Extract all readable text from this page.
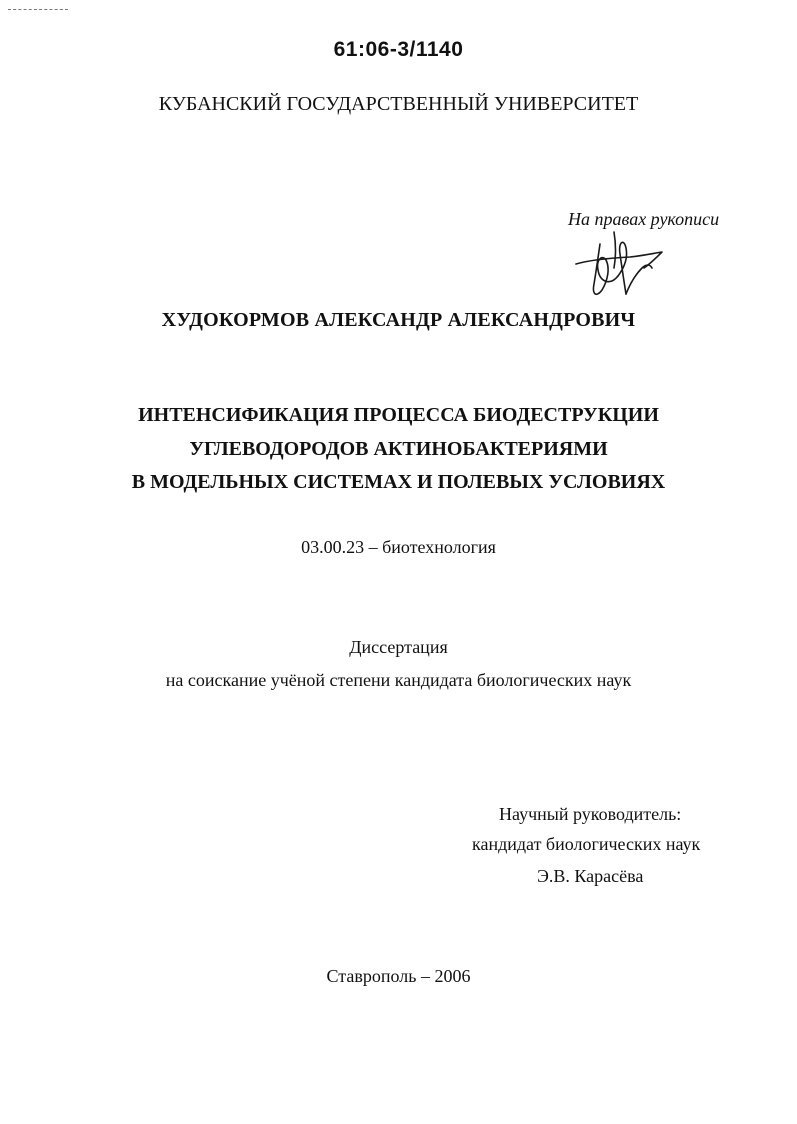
61:06-3/1140
КУБАНСКИЙ ГОСУДАРСТВЕННЫЙ УНИВЕРСИТЕТ
На правах рукописи
ХУДОКОРМОВ АЛЕКСАНДР АЛЕКСАНДРОВИЧ
ИНТЕНСИФИКАЦИЯ ПРОЦЕССА БИОДЕСТРУКЦИИ
УГЛЕВОДОРОДОВ АКТИНОБАКТЕРИЯМИ
В МОДЕЛЬНЫХ СИСТЕМАХ И ПОЛЕВЫХ УСЛОВИЯХ
03.00.23 – биотехнология
Диссертация
на соискание учёной степени кандидата биологических наук
Научный руководитель:
кандидат биологических наук
Э.В. Карасёва
Ставрополь – 2006
